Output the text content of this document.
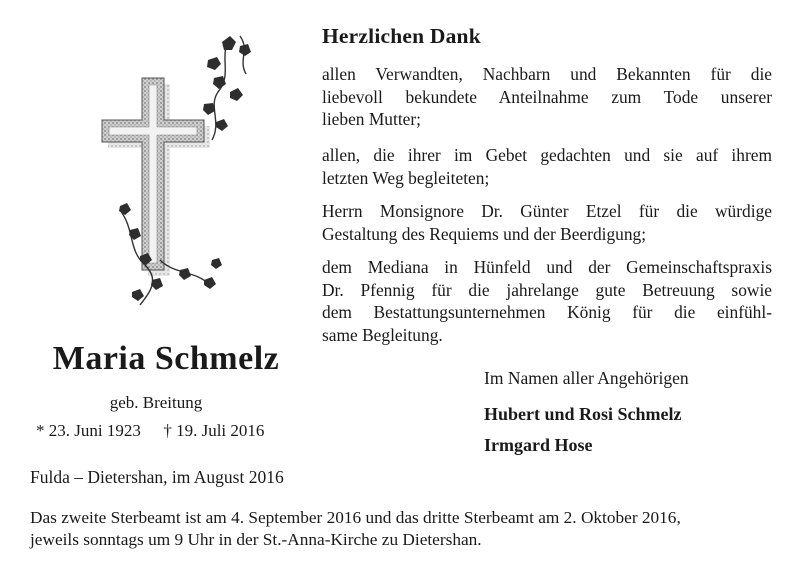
Herzlichen Dank
allen Verwandten, Nachbarn und Bekannten für die
liebevoll bekundete Anteilnahme zum Tode unserer
lieben Mutter;
allen, die ihrer im Gebet gedachten und sie auf ihrem
letzten Weg begleiteten;
Herrn Monsignore Dr. Günter Etzel für die würdige
Gestaltung des Requiems und der Beerdigung;
dem Mediana in Hünfeld und der Gemeinschaftspraxis
Dr. Pfennig für die jahrelange gute Betreuung sowie
dem Bestattungsunternehmen König für die einfühl-
same Begleitung.
Maria Schmelz
geb. Breitung
* 23. Juni 1923 † 19. Juli 2016
Im Namen aller Angehörigen
Hubert und Rosi Schmelz
Irmgard Hose
Fulda – Dietershan, im August 2016
Das zweite Sterbeamt ist am 4. September 2016 und das dritte Sterbeamt am 2. Oktober 2016,
jeweils sonntags um 9 Uhr in der St.-Anna-Kirche zu Dietershan.
